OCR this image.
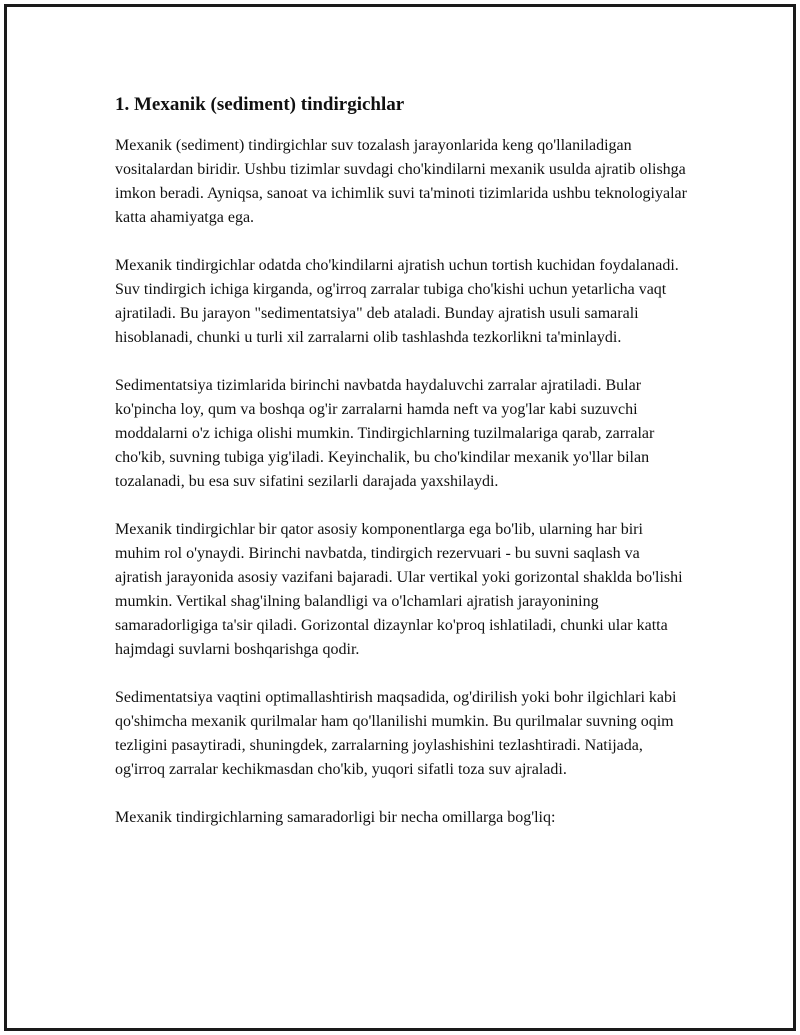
1. Mexanik (sediment) tindirgichlar

Mexanik (sediment) tindirgichlar suv tozalash jarayonlarida keng qo'llaniladigan vositalardan biridir. Ushbu tizimlar suvdagi cho'kindilarni mexanik usulda ajratib olishga imkon beradi. Ayniqsa, sanoat va ichimlik suvi ta'minoti tizimlarida ushbu teknologiyalar katta ahamiyatga ega.

Mexanik tindirgichlar odatda cho'kindilarni ajratish uchun tortish kuchidan foydalanadi. Suv tindirgich ichiga kirganda, og'irroq zarralar tubiga cho'kishi uchun yetarlicha vaqt ajratiladi. Bu jarayon "sedimentatsiya" deb ataladi. Bunday ajratish usuli samarali hisoblanadi, chunki u turli xil zarralarni olib tashlashda tezkorlikni ta'minlaydi.

Sedimentatsiya tizimlarida birinchi navbatda haydaluvchi zarralar ajratiladi. Bular ko'pincha loy, qum va boshqa og'ir zarralarni hamda neft va yog'lar kabi suzuvchi moddalarni o'z ichiga olishi mumkin. Tindirgichlarning tuzilmalariga qarab, zarralar cho'kib, suvning tubiga yig'iladi. Keyinchalik, bu cho'kindilar mexanik yo'llar bilan tozalanadi, bu esa suv sifatini sezilarli darajada yaxshilaydi.

Mexanik tindirgichlar bir qator asosiy komponentlarga ega bo'lib, ularning har biri muhim rol o'ynaydi. Birinchi navbatda, tindirgich rezervuari - bu suvni saqlash va ajratish jarayonida asosiy vazifani bajaradi. Ular vertikal yoki gorizontal shaklda bo'lishi mumkin. Vertikal shag'ilning balandligi va o'lchamlari ajratish jarayonining samaradorligiga ta'sir qiladi. Gorizontal dizaynlar ko'proq ishlatiladi, chunki ular katta hajmdagi suvlarni boshqarishga qodir.

Sedimentatsiya vaqtini optimallashtirish maqsadida, og'dirilish yoki bohr ilgichlari kabi qo'shimcha mexanik qurilmalar ham qo'llanilishi mumkin. Bu qurilmalar suvning oqim tezligini pasaytiradi, shuningdek, zarralarning joylashishini tezlashtiradi. Natijada, og'irroq zarralar kechikmasdan cho'kib, yuqori sifatli toza suv ajraladi.

Mexanik tindirgichlarning samaradorligi bir necha omillarga bog'liq:
